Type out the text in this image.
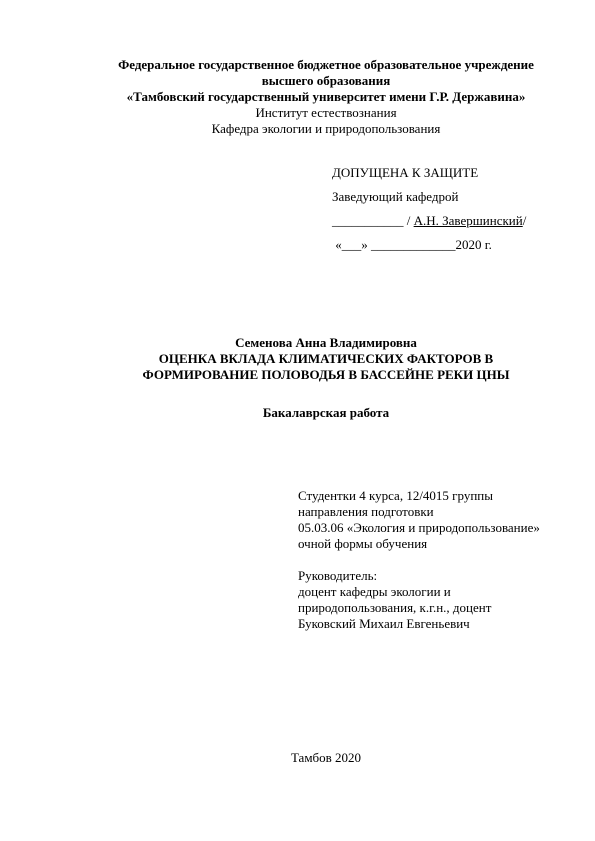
Федеральное государственное бюджетное образовательное учреждение
высшего образования
«Тамбовский государственный университет имени Г.Р. Державина»
Институт естествознания
Кафедра экологии и природопользования
ДОПУЩЕНА К ЗАЩИТЕ
Заведующий кафедрой
___________ / А.Н. Завершинский/
«___» _____________2020 г.
Семенова Анна Владимировна
ОЦЕНКА ВКЛАДА КЛИМАТИЧЕСКИХ ФАКТОРОВ В
ФОРМИРОВАНИЕ ПОЛОВОДЬЯ В БАССЕЙНЕ РЕКИ ЦНЫ
Бакалаврская работа
Студентки 4 курса, 12/4015 группы
направления подготовки
05.03.06 «Экология и природопользование»
очной формы обучения
Руководитель:
доцент кафедры экологии и
природопользования, к.г.н., доцент
Буковский Михаил Евгеньевич
Тамбов 2020
